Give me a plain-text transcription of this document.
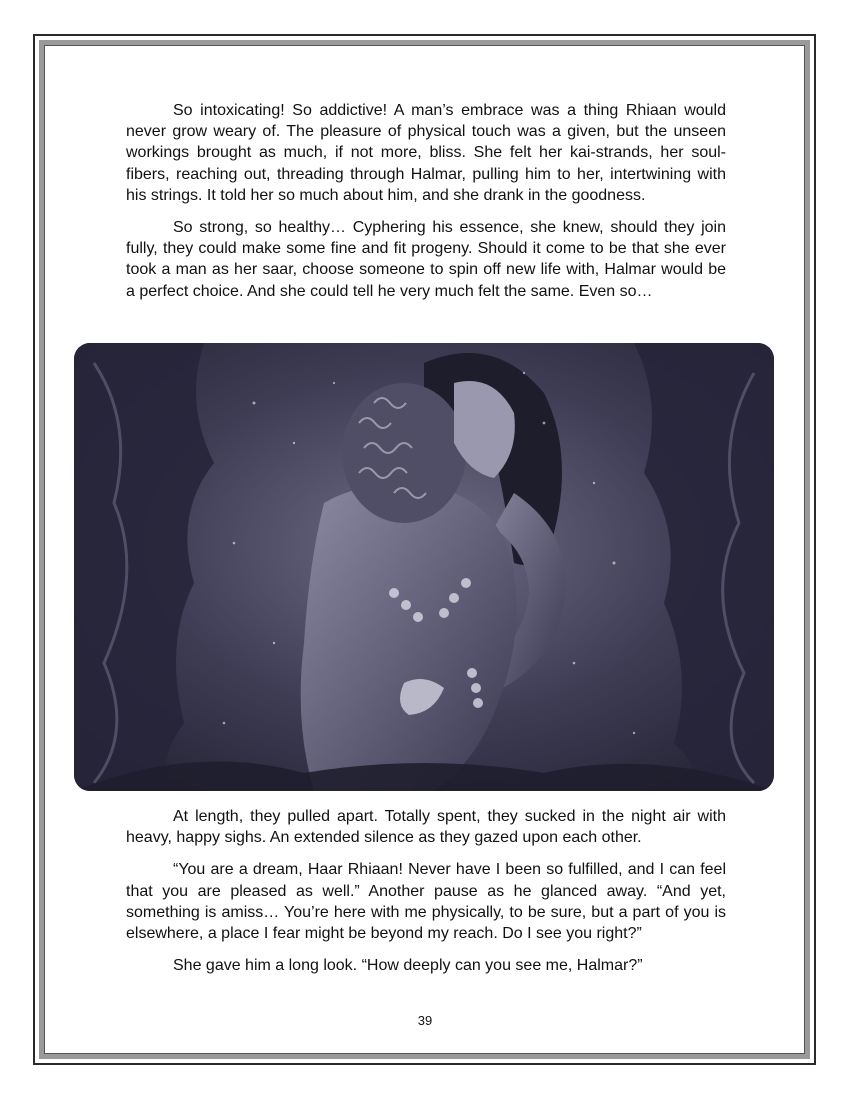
So intoxicating! So addictive! A man’s embrace was a thing Rhiaan would never grow weary of. The pleasure of physical touch was a given, but the unseen workings brought as much, if not more, bliss. She felt her kai-strands, her soul-fibers, reaching out, threading through Halmar, pulling him to her, intertwining with his strings. It told her so much about him, and she drank in the goodness.

So strong, so healthy… Cyphering his essence, she knew, should they join fully, they could make some fine and fit progeny. Should it come to be that she ever took a man as her saar, choose someone to spin off new life with, Halmar would be a perfect choice. And she could tell he very much felt the same. Even so…

At length, they pulled apart. Totally spent, they sucked in the night air with heavy, happy sighs. An extended silence as they gazed upon each other.

“You are a dream, Haar Rhiaan! Never have I been so fulfilled, and I can feel that you are pleased as well.” Another pause as he glanced away. “And yet, something is amiss… You’re here with me physically, to be sure, but a part of you is elsewhere, a place I fear might be beyond my reach. Do I see you right?”

She gave him a long look. “How deeply can you see me, Halmar?”

39
